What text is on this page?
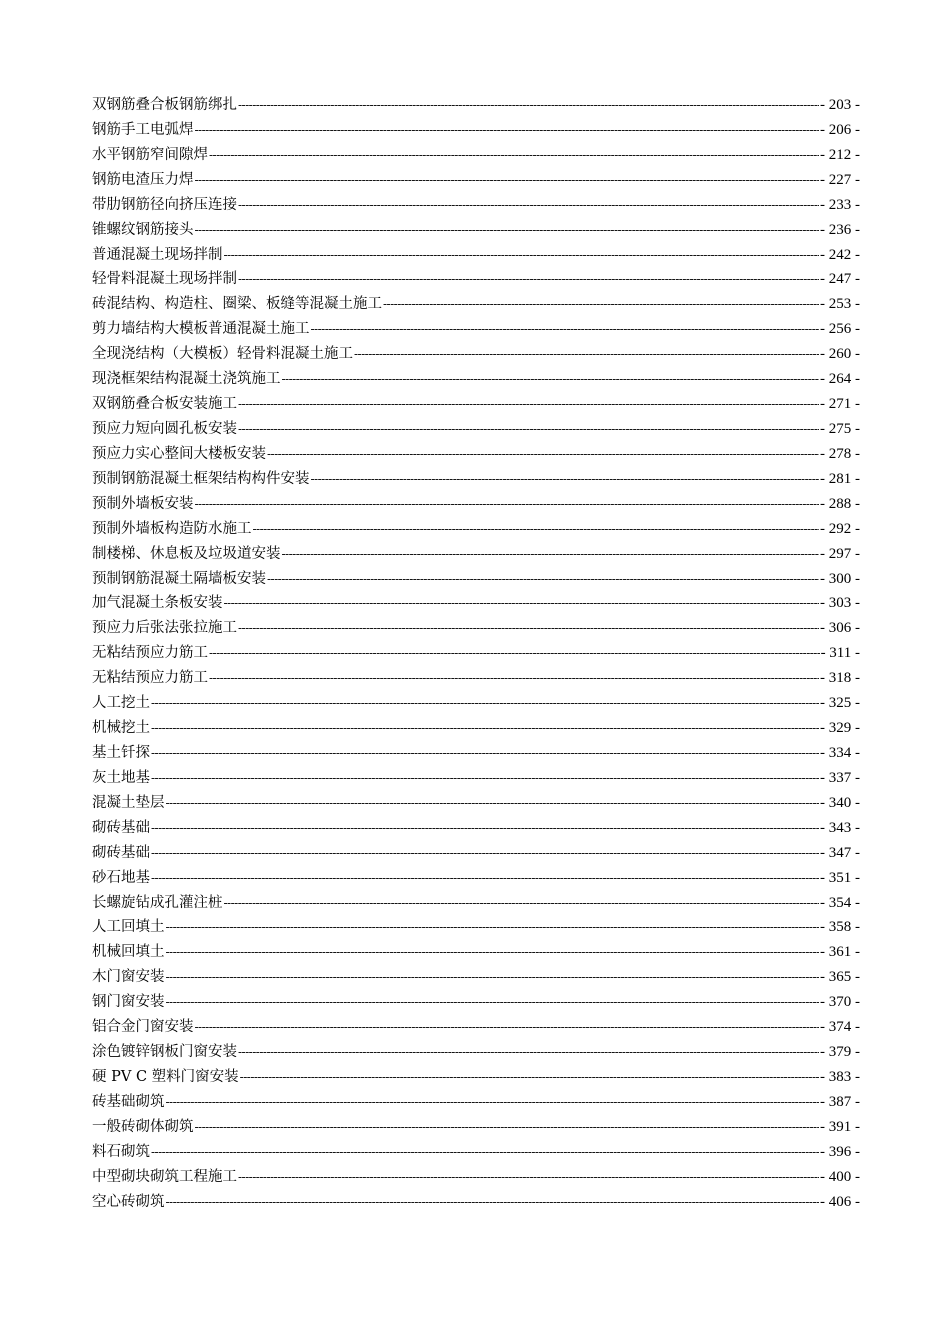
双钢筋叠合板钢筋绑扎 -----	- 203 -
钢筋手工电弧焊 -----	- 206 -
水平钢筋窄间隙焊 -----	- 212 -
钢筋电渣压力焊 -----	- 227 -
带肋钢筋径向挤压连接 -----	- 233 -
锥螺纹钢筋接头 -----	- 236 -
普通混凝土现场拌制 -----	- 242 -
轻骨料混凝土现场拌制 -----	- 247 -
砖混结构、构造柱、圈梁、板缝等混凝土施工 -----	- 253 -
剪力墙结构大模板普通混凝土施工 -----	- 256 -
全现浇结构（大模板）轻骨料混凝土施工 -----	- 260 -
现浇框架结构混凝土浇筑施工 -----	- 264 -
双钢筋叠合板安装施工 -----	- 271 -
预应力短向圆孔板安装 -----	- 275 -
预应力实心整间大楼板安装 -----	- 278 -
预制钢筋混凝土框架结构构件安装 -----	- 281 -
预制外墙板安装 -----	- 288 -
预制外墙板构造防水施工 -----	- 292 -
制楼梯、休息板及垃圾道安装 -----	- 297 -
预制钢筋混凝土隔墙板安装 -----	- 300 -
加气混凝土条板安装 -----	- 303 -
预应力后张法张拉施工 -----	- 306 -
无粘结预应力筋工 -----	- 311 -
无粘结预应力筋工 -----	- 318 -
人工挖土 -----	- 325 -
机械挖土 -----	- 329 -
基土钎探 -----	- 334 -
灰土地基 -----	- 337 -
混凝土垫层 -----	- 340 -
砌砖基础 -----	- 343 -
砌砖基础 -----	- 347 -
砂石地基 -----	- 351 -
长螺旋钻成孔灌注桩 -----	- 354 -
人工回填土 -----	- 358 -
机械回填土 -----	- 361 -
木门窗安装 -----	- 365 -
钢门窗安装 -----	- 370 -
铝合金门窗安装 -----	- 374 -
涂色镀锌钢板门窗安装 -----	- 379 -
硬 PV C 塑料门窗安装 -----	- 383 -
砖基础砌筑 -----	- 387 -
一般砖砌体砌筑 -----	- 391 -
料石砌筑 -----	- 396 -
中型砌块砌筑工程施工 -----	- 400 -
空心砖砌筑 -----	- 406 -
